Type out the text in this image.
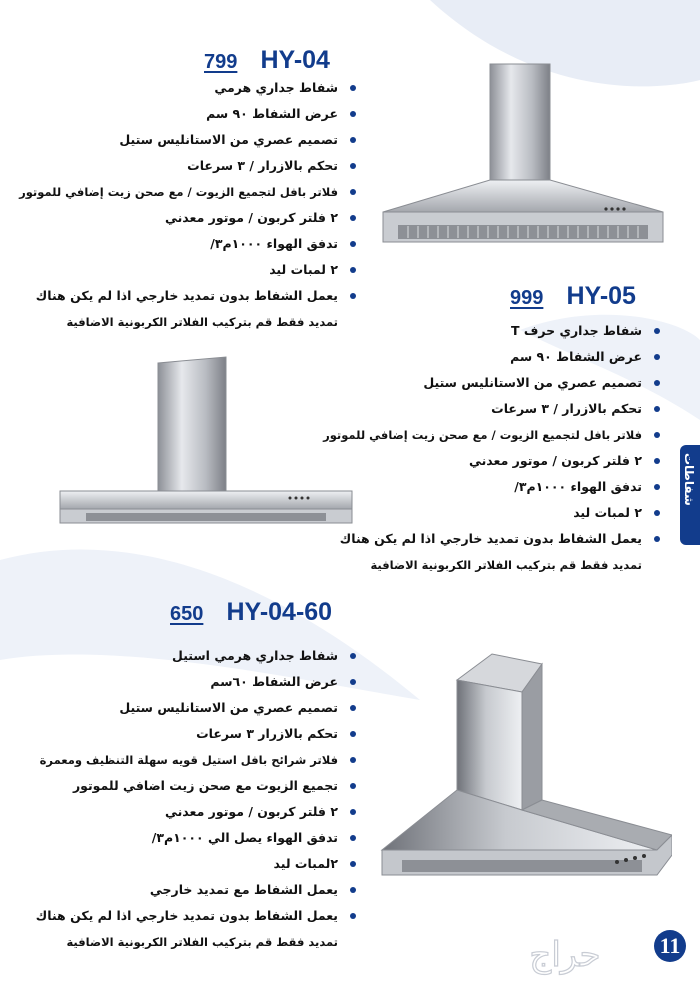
799 HY-04
شفاط جداري هرمي
عرض الشفاط ٩٠ سم
تصميم عصري من الاستانليس ستيل
تحكم بالازرار / ٣ سرعات
فلاتر بافل لتجميع الزيوت / مع صحن زيت إضافي للموتور
٢ فلتر كربون / موتور معدني
تدفق الهواء ١٠٠٠م٣/
٢ لمبات ليد
يعمل الشفاط بدون تمديد خارجي اذا لم يكن هناك
تمديد فقط قم بتركيب الفلاتر الكربونية الاضافية
999 HY-05
شفاط جداري حرف T
عرض الشفاط ٩٠ سم
تصميم عصري من الاستانليس ستيل
تحكم بالازرار / ٣ سرعات
فلاتر بافل لتجميع الزيوت / مع صحن زيت إضافي للموتور
٢ فلتر كربون / موتور معدني
تدفق الهواء ١٠٠٠م٣/
٢ لمبات ليد
يعمل الشفاط بدون تمديد خارجي اذا لم يكن هناك
تمديد فقط قم بتركيب الفلاتر الكربونية الاضافية
650 HY-04-60
شفاط جداري هرمي استيل
عرض الشفاط ٦٠سم
تصميم عصري من الاستانليس ستيل
تحكم بالازرار ٣ سرعات
فلاتر شرائح بافل استيل قويه سهلة التنظيف ومعمرة
تجميع الزيوت مع صحن زيت اضافي للموتور
٢ فلتر كربون / موتور معدني
تدفق الهواء يصل الي ١٠٠٠م٣/
٢لمبات ليد
يعمل الشفاط مع تمديد خارجي
يعمل الشفاط بدون تمديد خارجي اذا لم يكن هناك
تمديد فقط قم بتركيب الفلاتر الكربونية الاضافية
شفاطات
حراج	11
